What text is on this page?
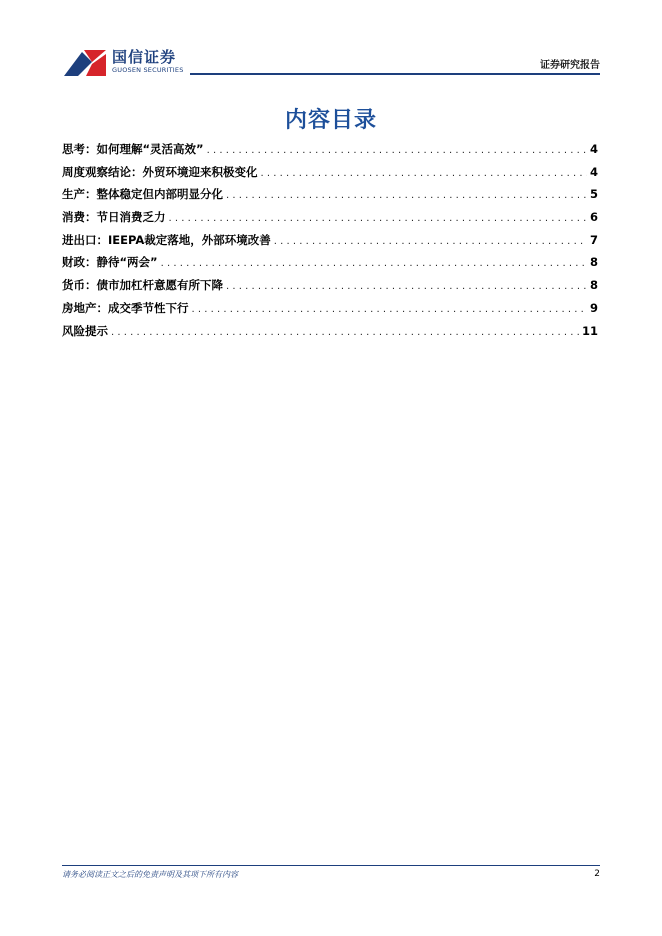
国信证券
GUOSEN SECURITIES	证券研究报告
内容目录
思考：如何理解“灵活高效” .....	4
周度观察结论：外贸环境迎来积极变化 .....	4
生产：整体稳定但内部明显分化 .....	5
消费：节日消费乏力 .....	6
进出口：IEEPA裁定落地，外部环境改善 .....	7
财政：静待“两会” .....	8
货币：债市加杠杆意愿有所下降 .....	8
房地产：成交季节性下行 .....	9
风险提示 .....	11
请务必阅读正文之后的免责声明及其项下所有内容	2
